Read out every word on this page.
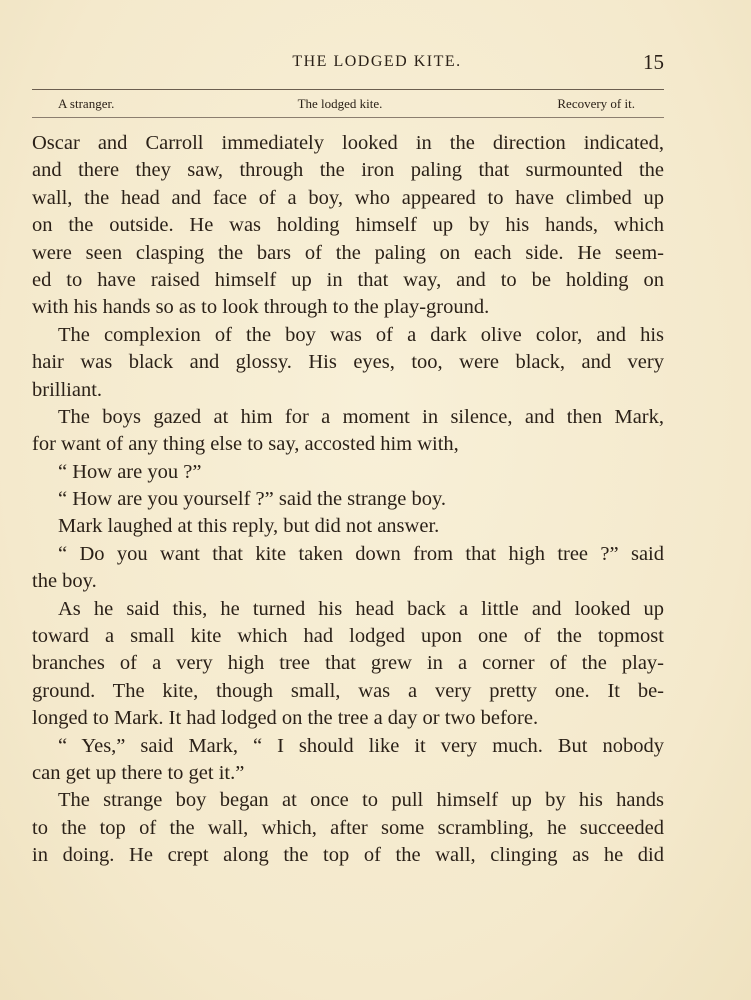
THE LODGED KITE.	15
A stranger.	The lodged kite.	Recovery of it.
Oscar and Carroll immediately looked in the direction indicated,
and there they saw, through the iron paling that surmounted the
wall, the head and face of a boy, who appeared to have climbed up
on the outside. He was holding himself up by his hands, which
were seen clasping the bars of the paling on each side. He seem-
ed to have raised himself up in that way, and to be holding on
with his hands so as to look through to the play-ground.
The complexion of the boy was of a dark olive color, and his
hair was black and glossy. His eyes, too, were black, and very
brilliant.
The boys gazed at him for a moment in silence, and then Mark,
for want of any thing else to say, accosted him with,
“ How are you ?”
“ How are you yourself ?” said the strange boy.
Mark laughed at this reply, but did not answer.
“ Do you want that kite taken down from that high tree ?” said
the boy.
As he said this, he turned his head back a little and looked up
toward a small kite which had lodged upon one of the topmost
branches of a very high tree that grew in a corner of the play-
ground. The kite, though small, was a very pretty one. It be-
longed to Mark. It had lodged on the tree a day or two before.
“ Yes,” said Mark, “ I should like it very much. But nobody
can get up there to get it.”
The strange boy began at once to pull himself up by his hands
to the top of the wall, which, after some scrambling, he succeeded
in doing. He crept along the top of the wall, clinging as he did
